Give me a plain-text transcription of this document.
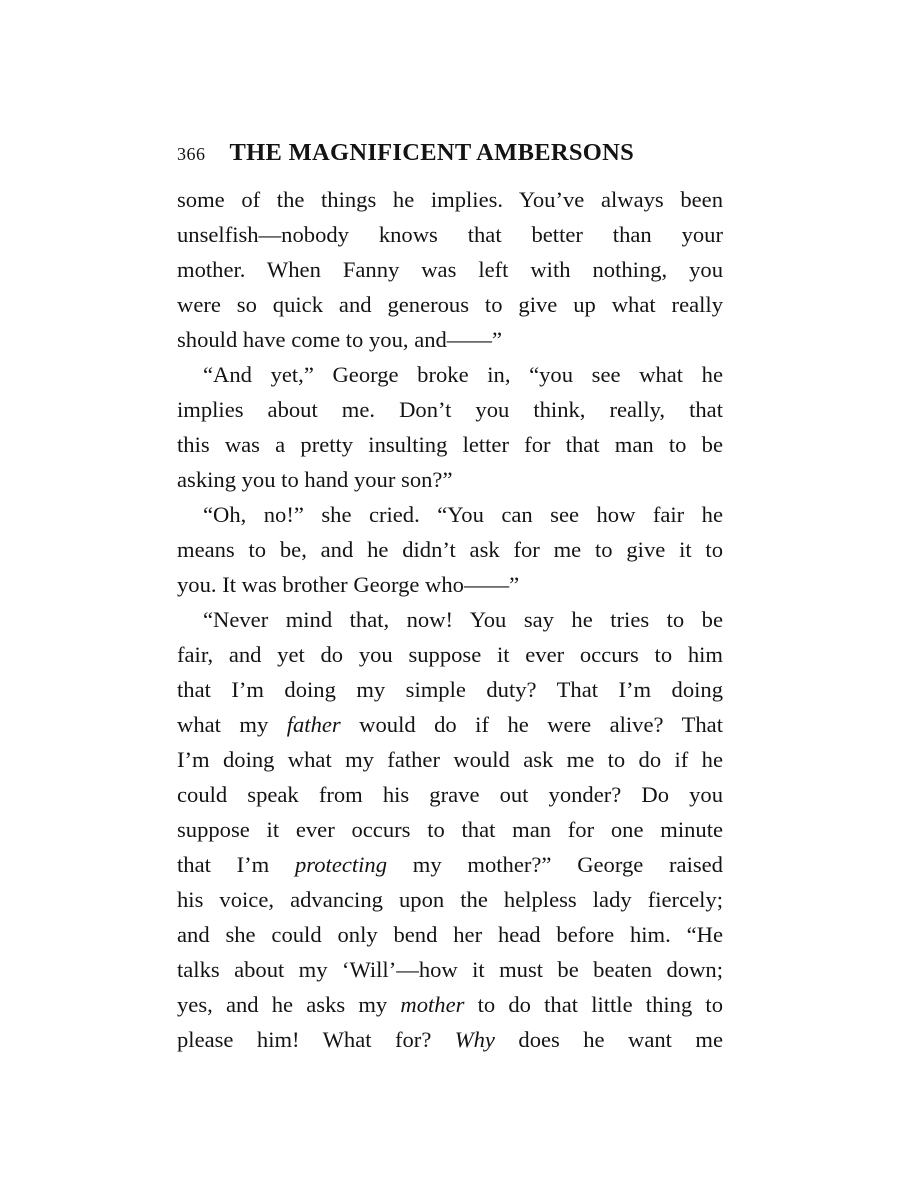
366 THE MAGNIFICENT AMBERSONS
some of the things he implies. You’ve always been
unselfish—nobody knows that better than your
mother. When Fanny was left with nothing, you
were so quick and generous to give up what really
should have come to you, and——”
“And yet,” George broke in, “you see what he
implies about me. Don’t you think, really, that
this was a pretty insulting letter for that man to be
asking you to hand your son?”
“Oh, no!” she cried. “You can see how fair he
means to be, and he didn’t ask for me to give it to
you. It was brother George who——”
“Never mind that, now! You say he tries to be
fair, and yet do you suppose it ever occurs to him
that I’m doing my simple duty? That I’m doing
what my father would do if he were alive? That
I’m doing what my father would ask me to do if he
could speak from his grave out yonder? Do you
suppose it ever occurs to that man for one minute
that I’m protecting my mother?” George raised
his voice, advancing upon the helpless lady fiercely;
and she could only bend her head before him. “He
talks about my ‘Will’—how it must be beaten down;
yes, and he asks my mother to do that little thing to
please him! What for? Why does he want me
